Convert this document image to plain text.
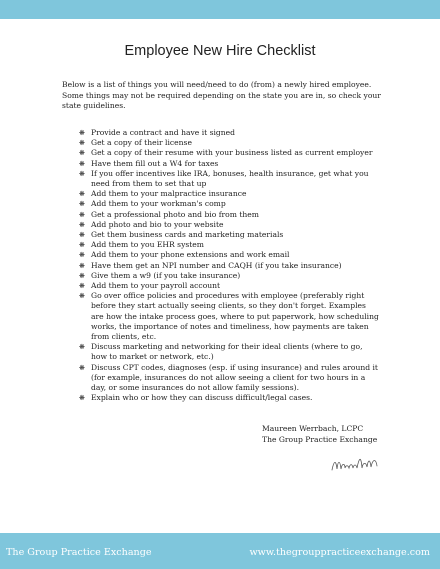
Employee New Hire Checklist

Below is a list of things you will need/need to do (from) a newly hired employee. Some things may not be required depending on the state you are in, so check your state guidelines.

❋ Provide a contract and have it signed
❋ Get a copy of their license
❋ Get a copy of their resume with your business listed as current employer
❋ Have them fill out a W4 for taxes
❋ If you offer incentives like IRA, bonuses, health insurance, get what you need from them to set that up
❋ Add them to your malpractice insurance
❋ Add them to your workman's comp
❋ Get a professional photo and bio from them
❋ Add photo and bio to your website
❋ Get them business cards and marketing materials
❋ Add them to you EHR system
❋ Add them to your phone extensions and work email
❋ Have them get an NPI number and CAQH (if you take insurance)
❋ Give them a w9 (if you take insurance)
❋ Add them to your payroll account
❋ Go over office policies and procedures with employee (preferably right before they start actually seeing clients, so they don't forget. Examples are how the intake process goes, where to put paperwork, how scheduling works, the importance of notes and timeliness, how payments are taken from clients, etc.
❋ Discuss marketing and networking for their ideal clients (where to go, how to market or network, etc.)
❋ Discuss CPT codes, diagnoses (esp. if using insurance) and rules around it (for example, insurances do not allow seeing a client for two hours in a day, or some insurances do not allow family sessions).
❋ Explain who or how they can discuss difficult/legal cases.
Maureen Werrbach, LCPC
The Group Practice Exchange
The Group Practice Exchange	www.thegrouppracticeexchange.com
